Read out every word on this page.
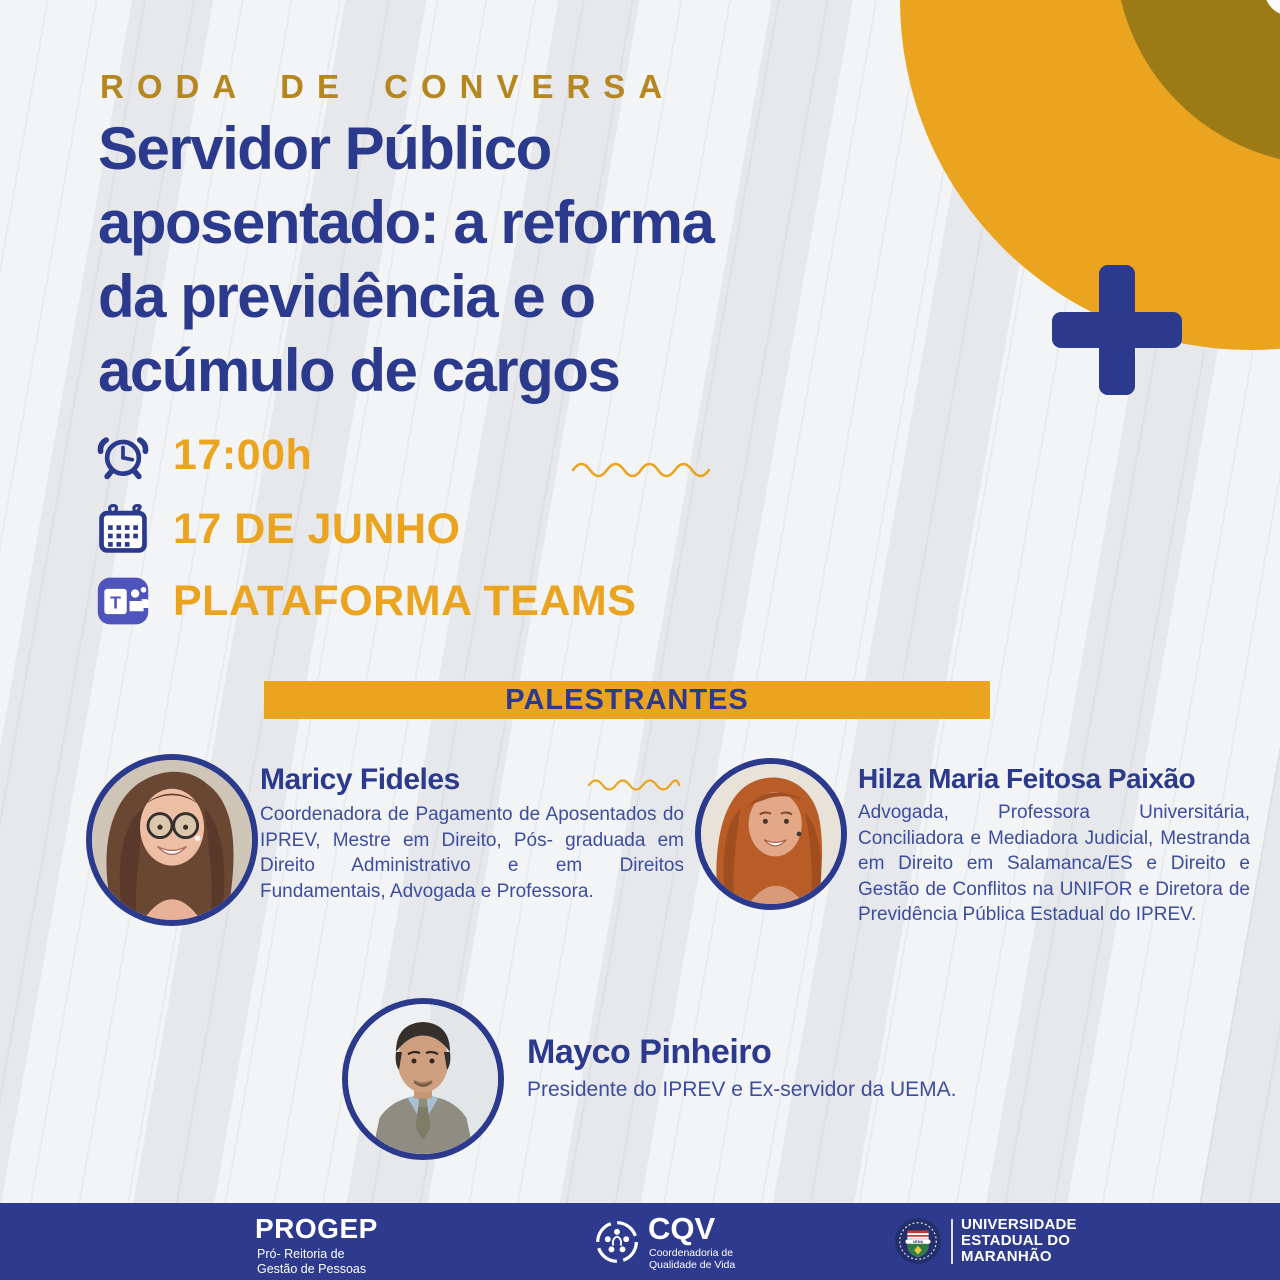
RODA DE CONVERSA
Servidor Público
aposentado: a reforma
da previdência e o
acúmulo de cargos
17:00h
17 DE JUNHO
T PLATAFORMA TEAMS
PALESTRANTES
Maricy Fideles
Coordenadora de Pagamento de Aposentados do IPREV, Mestre em Direito, Pós- graduada em Direito Administrativo e em Direitos Fundamentais, Advogada e Professora.
Hilza Maria Feitosa Paixão
Advogada, Professora Universitária, Conciliadora e Mediadora Judicial, Mestranda em Direito em Salamanca/ES e Direito e Gestão de Conflitos na UNIFOR e Diretora de Previdência Pública Estadual do IPREV.
Mayco Pinheiro
Presidente do IPREV e Ex-servidor da UEMA.
PROGEP
Pró- Reitoria de
Gestão de Pessoas
CQV
Coordenadoria de
Qualidade de Vida
UEMA
UNIVERSIDADE
ESTADUAL DO
MARANHÃO
